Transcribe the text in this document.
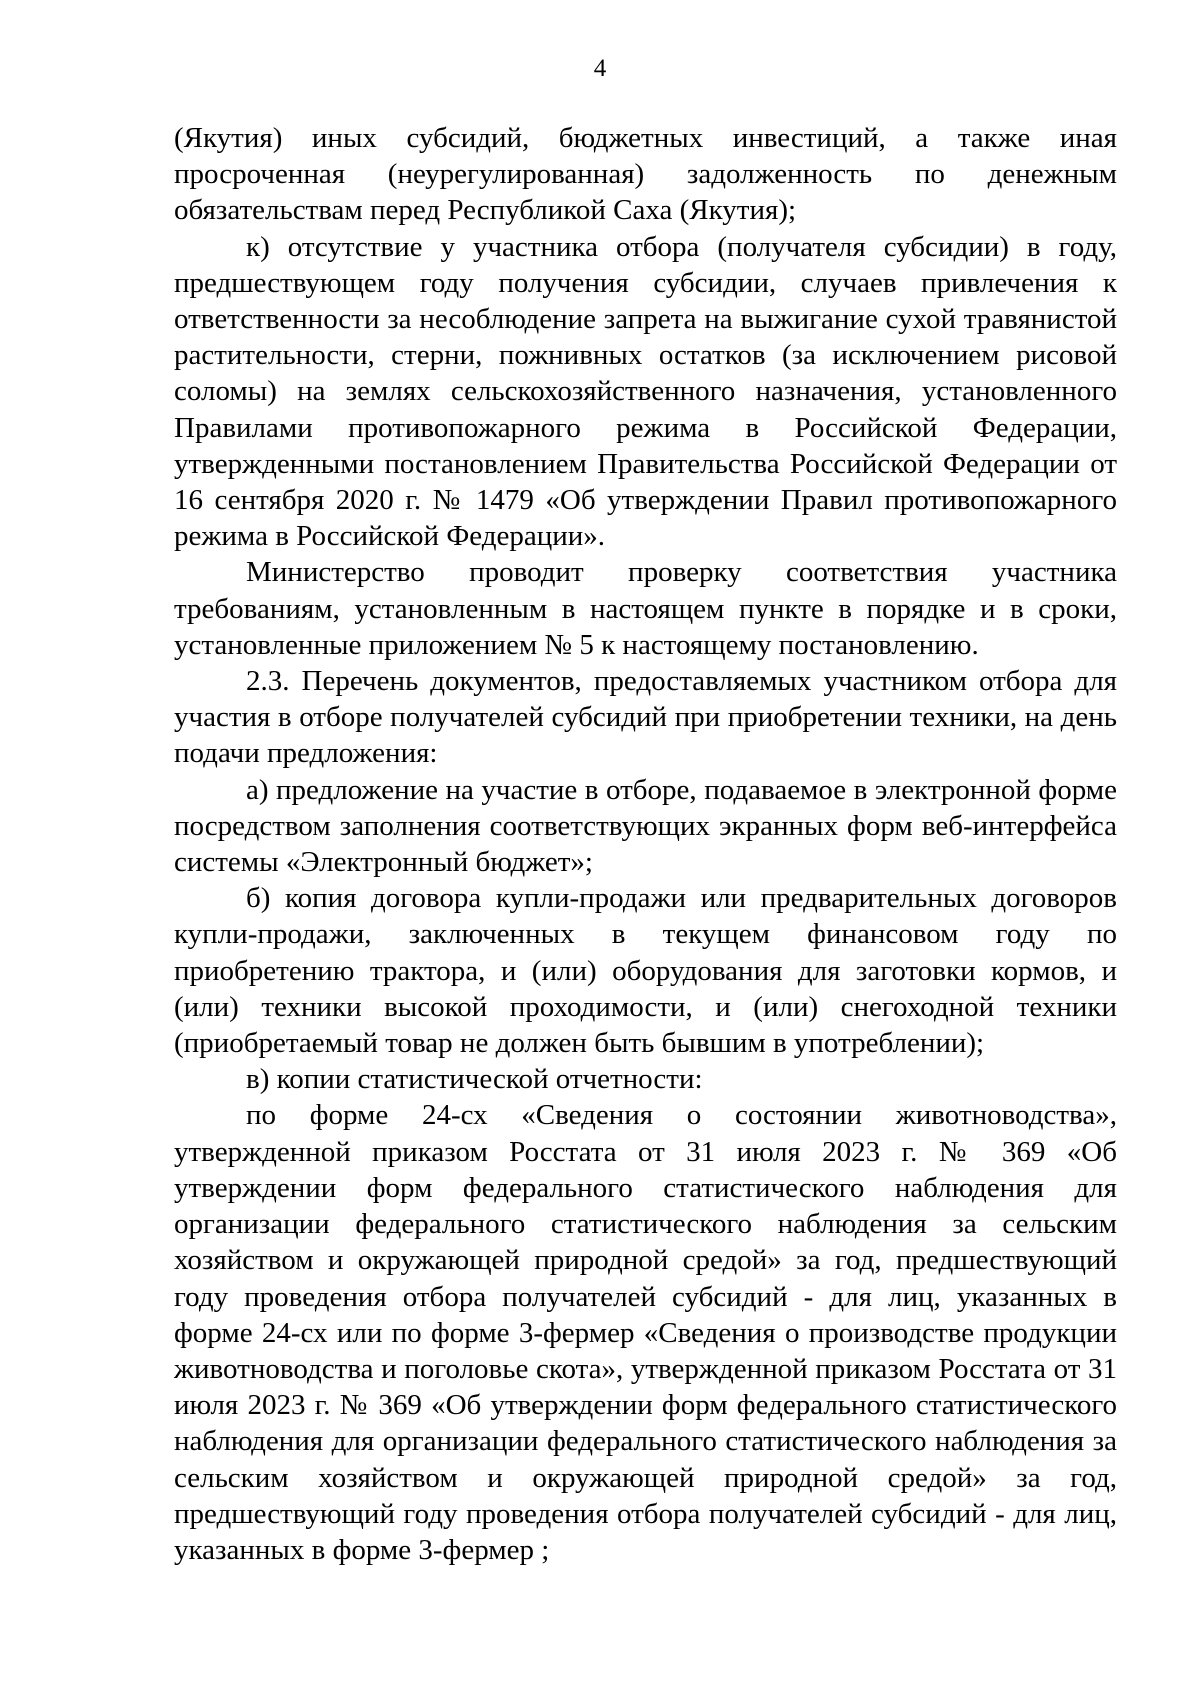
4

(Якутия) иных субсидий, бюджетных инвестиций, а также иная просроченная (неурегулированная) задолженность по денежным обязательствам перед Республикой Саха (Якутия);

к) отсутствие у участника отбора (получателя субсидии) в году, предшествующем году получения субсидии, случаев привлечения к ответственности за несоблюдение запрета на выжигание сухой травянистой растительности, стерни, пожнивных остатков (за исключением рисовой соломы) на землях сельскохозяйственного назначения, установленного Правилами противопожарного режима в Российской Федерации, утвержденными постановлением Правительства Российской Федерации от 16 сентября 2020 г. № 1479 «Об утверждении Правил противопожарного режима в Российской Федерации».

Министерство проводит проверку соответствия участника требованиям, установленным в настоящем пункте в порядке и в сроки, установленные приложением № 5 к настоящему постановлению.

2.3. Перечень документов, предоставляемых участником отбора для участия в отборе получателей субсидий при приобретении техники, на день подачи предложения:

а) предложение на участие в отборе, подаваемое в электронной форме посредством заполнения соответствующих экранных форм веб-интерфейса системы «Электронный бюджет»;

б) копия договора купли-продажи или предварительных договоров купли-продажи, заключенных в текущем финансовом году по приобретению трактора, и (или) оборудования для заготовки кормов, и (или) техники высокой проходимости, и (или) снегоходной техники (приобретаемый товар не должен быть бывшим в употреблении);

в) копии статистической отчетности:

по форме 24-сх «Сведения о состоянии животноводства», утвержденной приказом Росстата от 31 июля 2023 г. № 369 «Об утверждении форм федерального статистического наблюдения для организации федерального статистического наблюдения за сельским хозяйством и окружающей природной средой» за год, предшествующий году проведения отбора получателей субсидий - для лиц, указанных в форме 24-сх или по форме 3-фермер «Сведения о производстве продукции животноводства и поголовье скота», утвержденной приказом Росстата от 31 июля 2023 г. № 369 «Об утверждении форм федерального статистического наблюдения для организации федерального статистического наблюдения за сельским хозяйством и окружающей природной средой» за год, предшествующий году проведения отбора получателей субсидий - для лиц, указанных в форме 3-фермер ;
